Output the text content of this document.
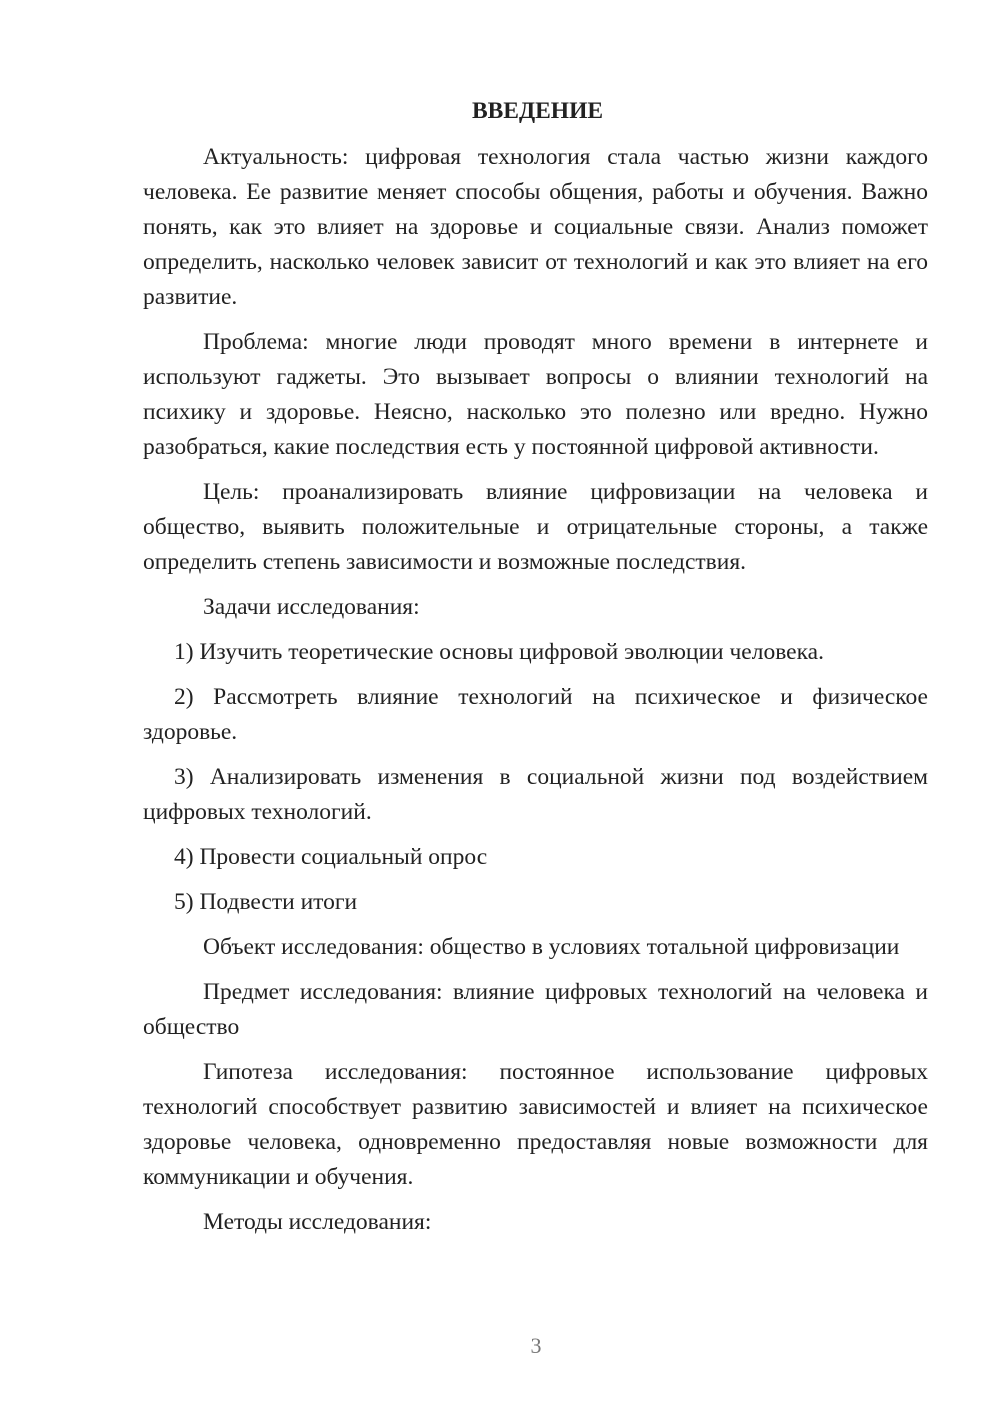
ВВЕДЕНИЕ

Актуальность: цифровая технология стала частью жизни каждого человека. Ее развитие меняет способы общения, работы и обучения. Важно понять, как это влияет на здоровье и социальные связи. Анализ поможет определить, насколько человек зависит от технологий и как это влияет на его развитие.

Проблема: многие люди проводят много времени в интернете и используют гаджеты. Это вызывает вопросы о влиянии технологий на психику и здоровье. Неясно, насколько это полезно или вредно. Нужно разобраться, какие последствия есть у постоянной цифровой активности.

Цель: проанализировать влияние цифровизации на человека и общество, выявить положительные и отрицательные стороны, а также определить степень зависимости и возможные последствия.

Задачи исследования:

1) Изучить теоретические основы цифровой эволюции человека.

2) Рассмотреть влияние технологий на психическое и физическое здоровье.

3) Анализировать изменения в социальной жизни под воздействием цифровых технологий.

4) Провести социальный опрос

5) Подвести итоги

Объект исследования: общество в условиях тотальной цифровизации

Предмет исследования: влияние цифровых технологий на человека и общество

Гипотеза исследования: постоянное использование цифровых технологий способствует развитию зависимостей и влияет на психическое здоровье человека, одновременно предоставляя новые возможности для коммуникации и обучения.

Методы исследования:

3
